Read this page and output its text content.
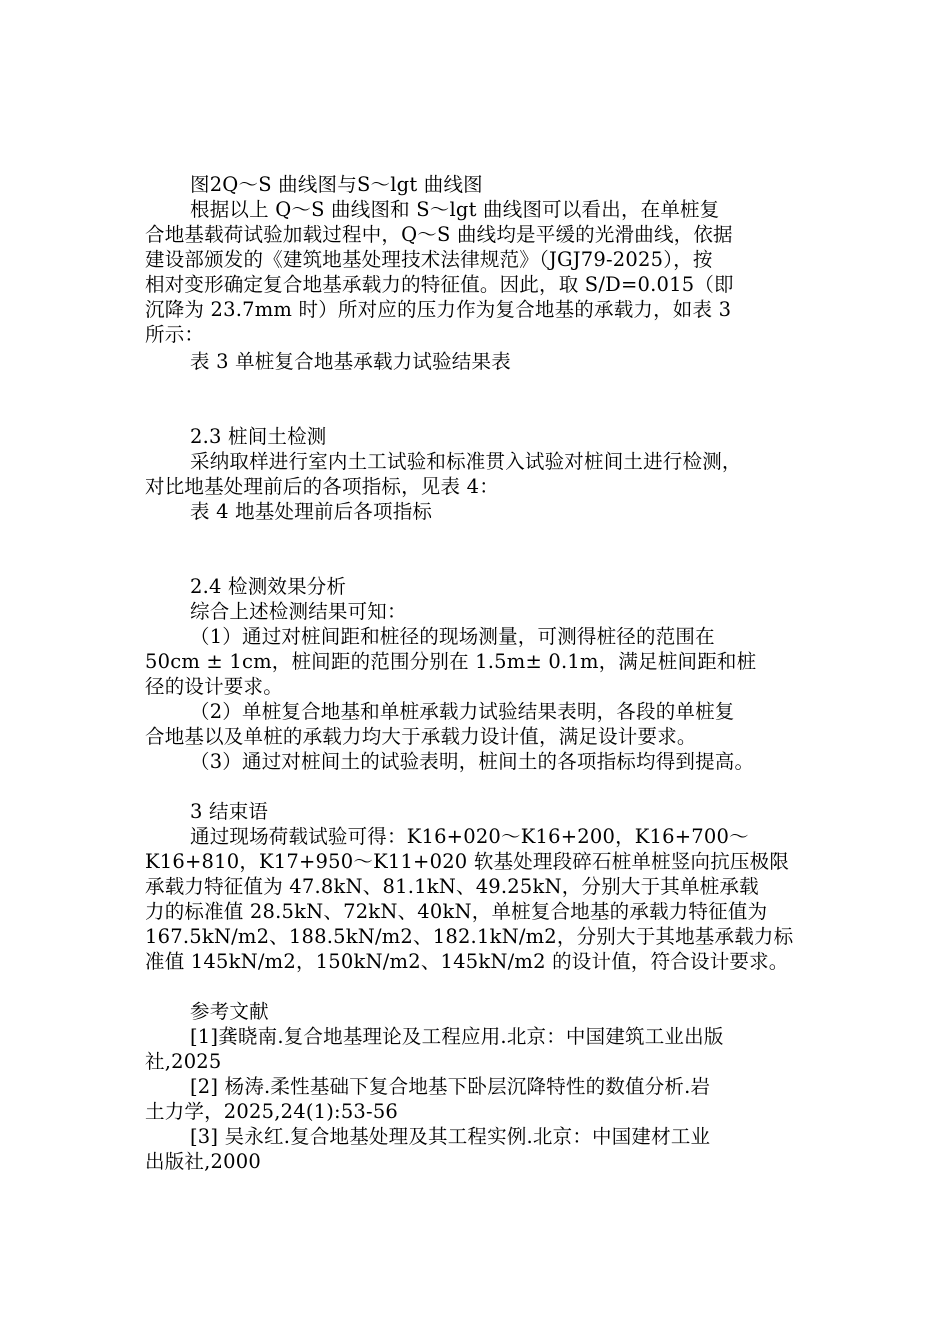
图2Q～S 曲线图与S～lgt 曲线图
根据以上 Q～S 曲线图和 S～lgt 曲线图可以看出，在单桩复
合地基载荷试验加载过程中，Q～S 曲线均是平缓的光滑曲线，依据
建设部颁发的《建筑地基处理技术法律规范》（JGJ79-2025），按
相对变形确定复合地基承载力的特征值。因此，取 S/D=0.015（即
沉降为 23.7mm 时）所对应的压力作为复合地基的承载力，如表 3
所示：
表 3 单桩复合地基承载力试验结果表
2.3 桩间土检测
采纳取样进行室内土工试验和标准贯入试验对桩间土进行检测，
对比地基处理前后的各项指标，见表 4：
表 4 地基处理前后各项指标
2.4 检测效果分析
综合上述检测结果可知：
（1）通过对桩间距和桩径的现场测量，可测得桩径的范围在
50cm ± 1cm，桩间距的范围分别在 1.5m± 0.1m，满足桩间距和桩
径的设计要求。
（2）单桩复合地基和单桩承载力试验结果表明，各段的单桩复
合地基以及单桩的承载力均大于承载力设计值，满足设计要求。
（3）通过对桩间土的试验表明，桩间土的各项指标均得到提高。
3 结束语
通过现场荷载试验可得：K16+020～K16+200，K16+700～
K16+810，K17+950～K11+020 软基处理段碎石桩单桩竖向抗压极限
承载力特征值为 47.8kN、81.1kN、49.25kN，分别大于其单桩承载
力的标准值 28.5kN、72kN、40kN，单桩复合地基的承载力特征值为
167.5kN/m2、188.5kN/m2、182.1kN/m2，分别大于其地基承载力标
准值 145kN/m2，150kN/m2、145kN/m2 的设计值，符合设计要求。
参考文献
[1]龚晓南.复合地基理论及工程应用.北京：中国建筑工业出版
社,2025
[2] 杨涛.柔性基础下复合地基下卧层沉降特性的数值分析.岩
土力学，2025,24(1):53-56
[3] 吴永红.复合地基处理及其工程实例.北京：中国建材工业
出版社,2000
